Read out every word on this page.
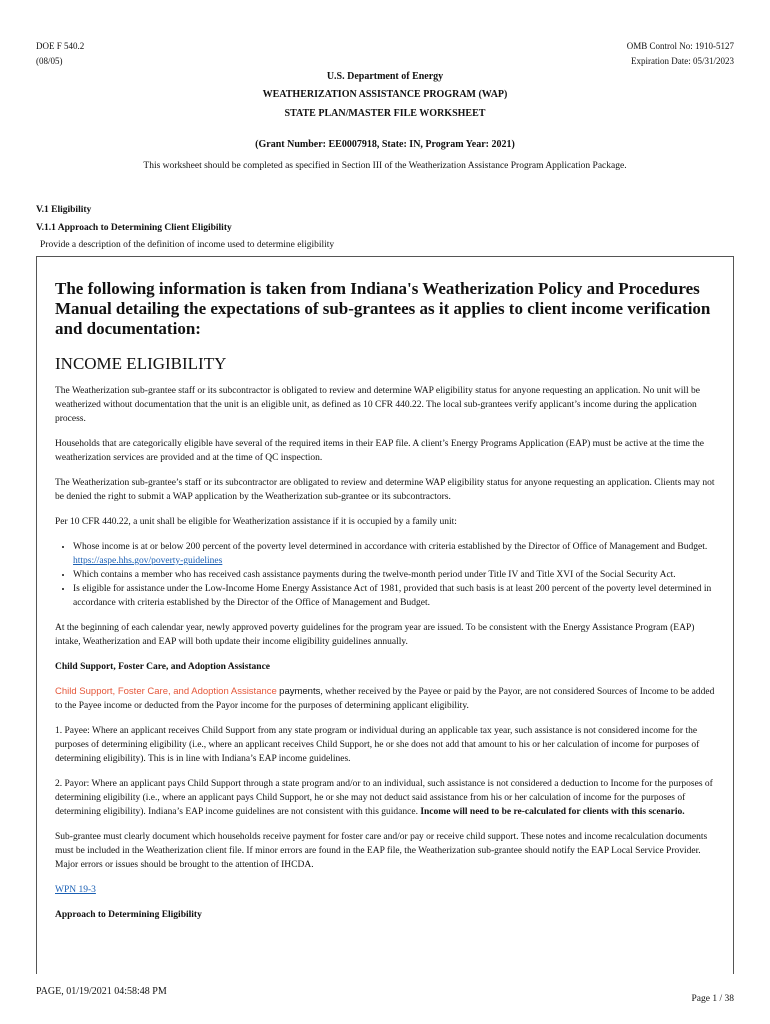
DOE F 540.2
(08/05)
OMB Control No: 1910-5127
Expiration Date: 05/31/2023
U.S. Department of Energy
WEATHERIZATION ASSISTANCE PROGRAM (WAP)
STATE PLAN/MASTER FILE WORKSHEET
(Grant Number: EE0007918, State: IN, Program Year: 2021)
This worksheet should be completed as specified in Section III of the Weatherization Assistance Program Application Package.
V.1 Eligibility
V.1.1 Approach to Determining Client Eligibility
Provide a description of the definition of income used to determine eligibility
The following information is taken from Indiana's Weatherization Policy and Procedures Manual detailing the expectations of sub-grantees as it applies to client income verification and documentation:
INCOME ELIGIBILITY

The Weatherization sub-grantee staff or its subcontractor is obligated to review and determine WAP eligibility status for anyone requesting an application. No unit will be weatherized without documentation that the unit is an eligible unit, as defined as 10 CFR 440.22. The local sub-grantees verify applicant’s income during the application process.

Households that are categorically eligible have several of the required items in their EAP file. A client’s Energy Programs Application (EAP) must be active at the time the weatherization services are provided and at the time of QC inspection.

The Weatherization sub-grantee’s staff or its subcontractor are obligated to review and determine WAP eligibility status for anyone requesting an application. Clients may not be denied the right to submit a WAP application by the Weatherization sub-grantee or its subcontractors.

Per 10 CFR 440.22, a unit shall be eligible for Weatherization assistance if it is occupied by a family unit:

• Whose income is at or below 200 percent of the poverty level determined in accordance with criteria established by the Director of Office of Management and Budget. https://aspe.hhs.gov/poverty-guidelines
• Which contains a member who has received cash assistance payments during the twelve-month period under Title IV and Title XVI of the Social Security Act.
• Is eligible for assistance under the Low-Income Home Energy Assistance Act of 1981, provided that such basis is at least 200 percent of the poverty level determined in accordance with criteria established by the Director of the Office of Management and Budget.

At the beginning of each calendar year, newly approved poverty guidelines for the program year are issued. To be consistent with the Energy Assistance Program (EAP) intake, Weatherization and EAP will both update their income eligibility guidelines annually.

Child Support, Foster Care, and Adoption Assistance

Child Support, Foster Care, and Adoption Assistance payments, whether received by the Payee or paid by the Payor, are not considered Sources of Income to be added to the Payee income or deducted from the Payor income for the purposes of determining applicant eligibility.

1. Payee: Where an applicant receives Child Support from any state program or individual during an applicable tax year, such assistance is not considered income for the purposes of determining eligibility (i.e., where an applicant receives Child Support, he or she does not add that amount to his or her calculation of income for purposes of determining eligibility). This is in line with Indiana’s EAP income guidelines.

2. Payor: Where an applicant pays Child Support through a state program and/or to an individual, such assistance is not considered a deduction to Income for the purposes of determining eligibility (i.e., where an applicant pays Child Support, he or she may not deduct said assistance from his or her calculation of income for the purposes of determining eligibility). Indiana’s EAP income guidelines are not consistent with this guidance. Income will need to be re-calculated for clients with this scenario.

Sub-grantee must clearly document which households receive payment for foster care and/or pay or receive child support. These notes and income recalculation documents must be included in the Weatherization client file. If minor errors are found in the EAP file, the Weatherization sub-grantee should notify the EAP Local Service Provider. Major errors or issues should be brought to the attention of IHCDA.

WPN 19-3

Approach to Determining Eligibility

PAGE, 01/19/2021 04:58:48 PM
Page 1 / 38
